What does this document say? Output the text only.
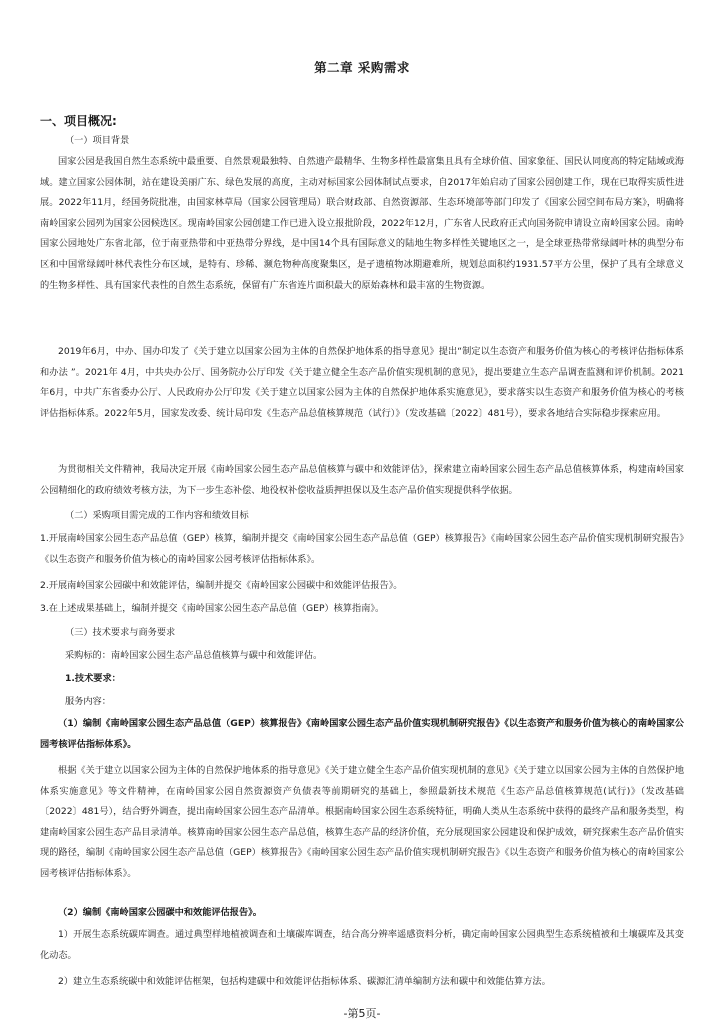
第二章 采购需求
一、项目概况:

（一）项目背景

国家公园是我国自然生态系统中最重要、自然景观最独特、自然遗产最精华、生物多样性最富集且具有全球价值、国家象征、国民认同度高的特定陆域或海域。建立国家公园体制，站在建设美丽广东、绿色发展的高度，主动对标国家公园体制试点要求，自2017年始启动了国家公园创建工作，现在已取得实质性进展。2022年11月，经国务院批准，由国家林草局（国家公园管理局）联合财政部、自然资源部、生态环境部等部门印发了《国家公园空间布局方案》，明确将南岭国家公园列为国家公园候选区。现南岭国家公园创建工作已进入设立报批阶段，2022年12月，广东省人民政府正式向国务院申请设立南岭国家公园。南岭国家公园地处广东省北部，位于南亚热带和中亚热带分界线，是中国14个具有国际意义的陆地生物多样性关键地区之一，是全球亚热带常绿阔叶林的典型分布区和中国常绿阔叶林代表性分布区域，是特有、珍稀、濒危物种高度聚集区，是孑遗植物冰期避难所，规划总面积约1931.57平方公里，保护了具有全球意义的生物多样性、具有国家代表性的自然生态系统，保留有广东省连片面积最大的原始森林和最丰富的生物资源。

2019年6月，中办、国办印发了《关于建立以国家公园为主体的自然保护地体系的指导意见》提出“制定以生态资产和服务价值为核心的考核评估指标体系和办法 ”。2021年 4月，中共央办公厅、国务院办公厅印发《关于建立健全生态产品价值实现机制的意见》，提出要建立生态产品调查监测和评价机制。2021年6月，中共广东省委办公厅、人民政府办公厅印发《关于建立以国家公园为主体的自然保护地体系实施意见》，要求落实以生态资产和服务价值为核心的考核评估指标体系。2022年5月，国家发改委、统计局印发《生态产品总值核算规范（试行）》（发改基础〔2022〕481号），要求各地结合实际稳步探索应用。

为贯彻相关文件精神，我局决定开展《南岭国家公园生态产品总值核算与碳中和效能评估》，探索建立南岭国家公园生态产品总值核算体系，构建南岭国家公园精细化的政府绩效考核方法，为下一步生态补偿、地役权补偿收益质押担保以及生态产品价值实现提供科学依据。

（二）采购项目需完成的工作内容和绩效目标

1.开展南岭国家公园生态产品总值（GEP）核算，编制并提交《南岭国家公园生态产品总值（GEP）核算报告》《南岭国家公园生态产品价值实现机制研究报告》《以生态资产和服务价值为核心的南岭国家公园考核评估指标体系》。

2.开展南岭国家公园碳中和效能评估，编制并提交《南岭国家公园碳中和效能评估报告》。

3.在上述成果基础上，编制并提交《南岭国家公园生态产品总值（GEP）核算指南》。

（三）技术要求与商务要求

采购标的：南岭国家公园生态产品总值核算与碳中和效能评估。

1.技术要求：

服务内容：

（1）编制《南岭国家公园生态产品总值（GEP）核算报告》《南岭国家公园生态产品价值实现机制研究报告》《以生态资产和服务价值为核心的南岭国家公园考核评估指标体系》。

根据《关于建立以国家公园为主体的自然保护地体系的指导意见》《关于建立健全生态产品价值实现机制的意见》《关于建立以国家公园为主体的自然保护地体系实施意见》等文件精神，在南岭国家公园自然资源资产负债表等前期研究的基础上，参照最新技术规范《生态产品总值核算规范(试行)》（发改基础〔2022〕481号），结合野外调查，提出南岭国家公园生态产品清单。根据南岭国家公园生态系统特征，明确人类从生态系统中获得的最终产品和服务类型，构建南岭国家公园生态产品目录清单。核算南岭国家公园生态产品总值，核算生态产品的经济价值，充分展现国家公园建设和保护成效，研究探索生态产品价值实现的路径，编制《南岭国家公园生态产品总值（GEP）核算报告》《南岭国家公园生态产品价值实现机制研究报告》《以生态资产和服务价值为核心的南岭国家公园考核评估指标体系》。

（2）编制《南岭国家公园碳中和效能评估报告》。

1）开展生态系统碳库调查。通过典型样地植被调查和土壤碳库调查，结合高分辨率遥感资料分析，确定南岭国家公园典型生态系统植被和土壤碳库及其变化动态。

2）建立生态系统碳中和效能评估框架，包括构建碳中和效能评估指标体系、碳源汇清单编制方法和碳中和效能估算方法。

-第5页-
